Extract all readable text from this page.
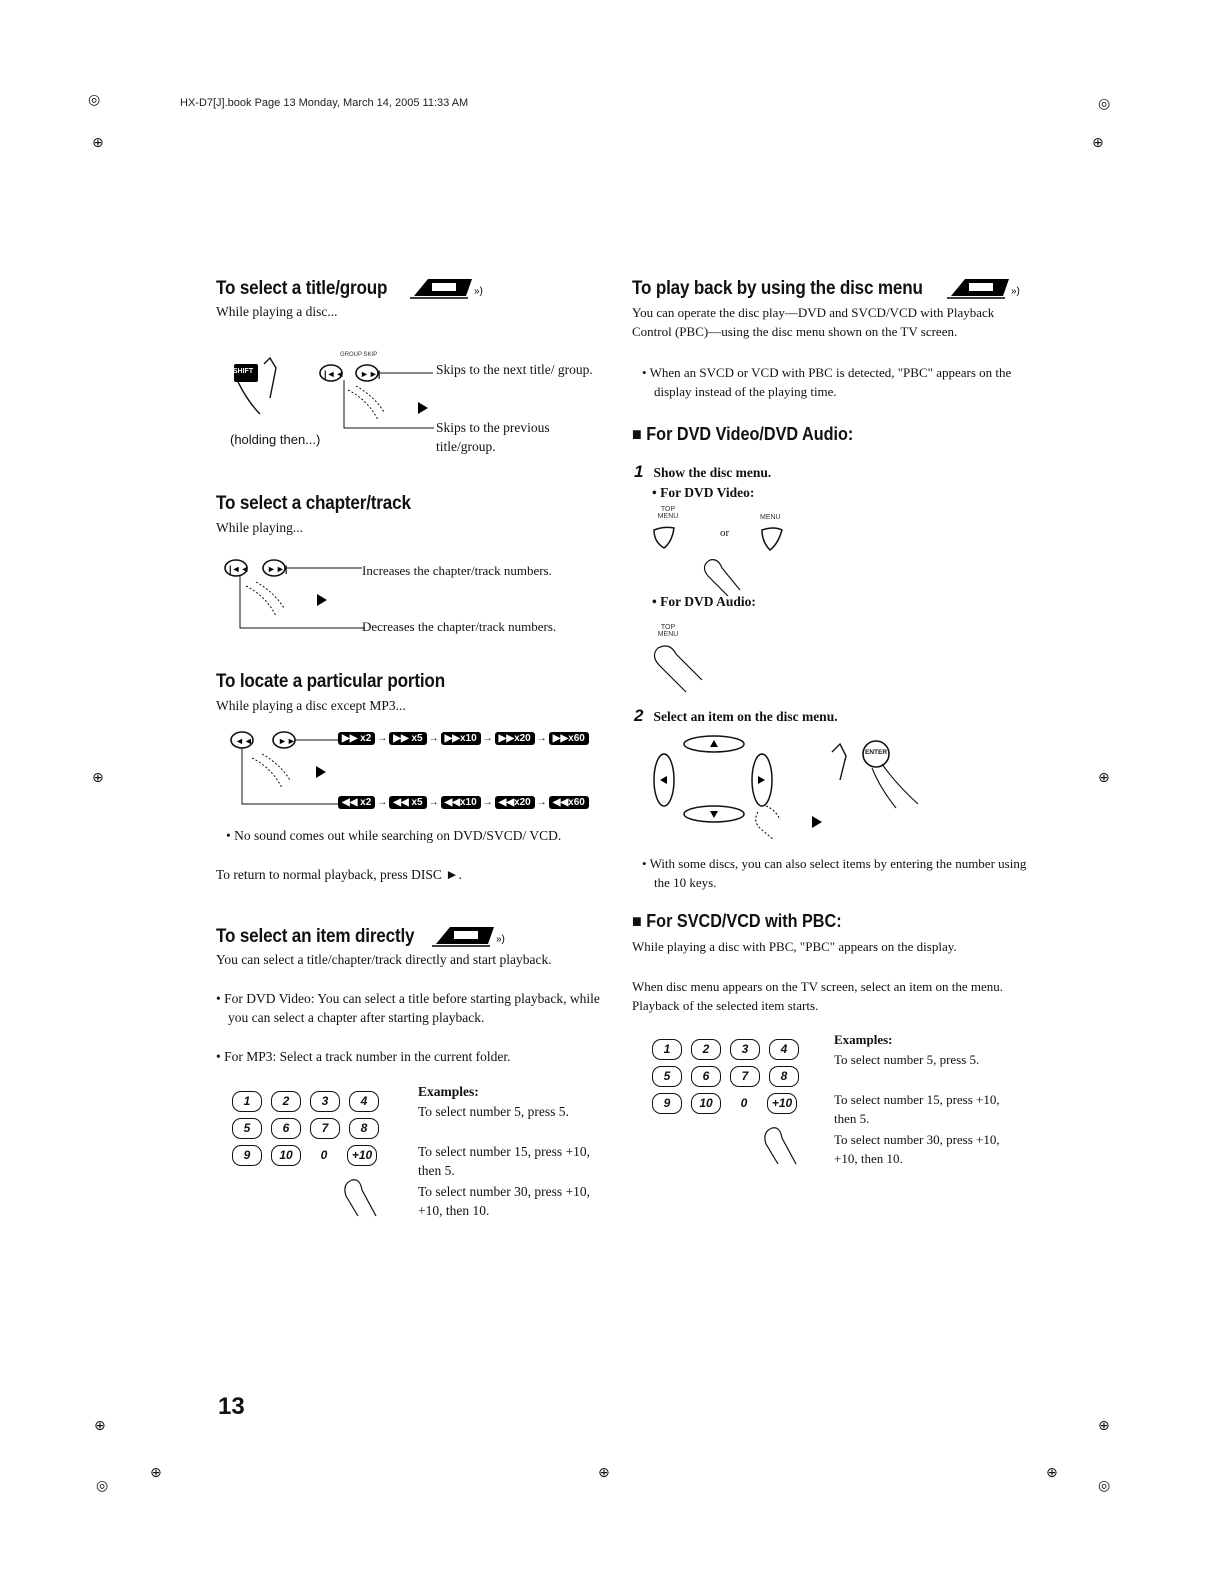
◎
⊕	⊕
◎
⊕	⊕
⊕	⊕
⊕	⊕	⊕
◎	◎
HX-D7[J].book Page 13 Monday, March 14, 2005 11:33 AM
To select a title/group	»)
While playing a disc...
|◄◄ ►►|
GROUP SKIP
SHIFT	Skips to the next title/ group.
Skips to the previous title/group.
(holding then...)
To select a chapter/track
While playing...
|◄◄ ►►|	Increases the chapter/track numbers.
Decreases the chapter/track numbers.
To locate a particular portion
While playing a disc except MP3...
◄◄	►►	▶▶ x2 → ▶▶ x5 → ▶▶x10 → ▶▶x20 → ▶▶x60
◀◀ x2 → ◀◀ x5 → ◀◀x10 → ◀◀x20 → ◀◀x60
• No sound comes out while searching on DVD/SVCD/ VCD.
To return to normal playback, press DISC ►.
To select an item directly	»)
You can select a title/chapter/track directly and start playback.
• For DVD Video: You can select a title before starting playback, while you can select a chapter after starting playback.
• For MP3: Select a track number in the current folder.
1	2	3	4
5	6	7	8
9	10	0	+10
Examples:
To select number 5, press 5.
To select number 15, press +10, then 5.
To select number 30, press +10, +10, then 10.
To play back by using the disc menu	»)
You can operate the disc play—DVD and SVCD/VCD with Playback Control (PBC)—using the disc menu shown on the TV screen.
• When an SVCD or VCD with PBC is detected, "PBC" appears on the display instead of the playing time.
■ For DVD Video/DVD Audio:
1 Show the disc menu.
• For DVD Video:
TOP MENU	MENU
or
• For DVD Audio:
TOP MENU
2 Select an item on the disc menu.
ENTER
• With some discs, you can also select items by entering the number using the 10 keys.
■ For SVCD/VCD with PBC:
While playing a disc with PBC, "PBC" appears on the display.
When disc menu appears on the TV screen, select an item on the menu. Playback of the selected item starts.
1	2	3	4
5	6	7	8
9	10	0	+10
Examples:
To select number 5, press 5.
To select number 15, press +10, then 5.
To select number 30, press +10, +10, then 10.
13
